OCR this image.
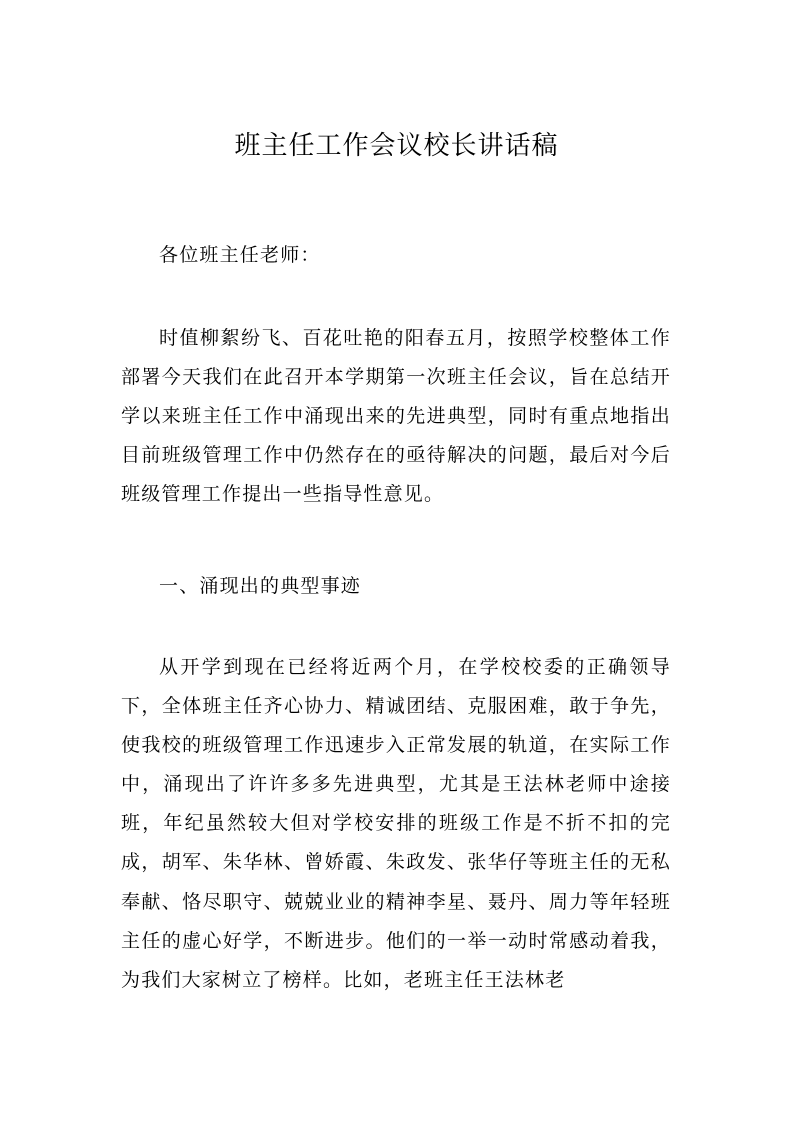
班主任工作会议校长讲话稿

各位班主任老师：

时值柳絮纷飞、百花吐艳的阳春五月，按照学校整体工作部署今天我们在此召开本学期第一次班主任会议，旨在总结开学以来班主任工作中涌现出来的先进典型，同时有重点地指出目前班级管理工作中仍然存在的亟待解决的问题，最后对今后班级管理工作提出一些指导性意见。

一、涌现出的典型事迹

从开学到现在已经将近两个月，在学校校委的正确领导下，全体班主任齐心协力、精诚团结、克服困难，敢于争先，使我校的班级管理工作迅速步入正常发展的轨道，在实际工作中，涌现出了许许多多先进典型，尤其是王法林老师中途接班，年纪虽然较大但对学校安排的班级工作是不折不扣的完成，胡军、朱华林、曾娇霞、朱政发、张华仔等班主任的无私奉献、恪尽职守、兢兢业业的精神李星、聂丹、周力等年轻班主任的虚心好学，不断进步。他们的一举一动时常感动着我，为我们大家树立了榜样。比如，老班主任王法林老
